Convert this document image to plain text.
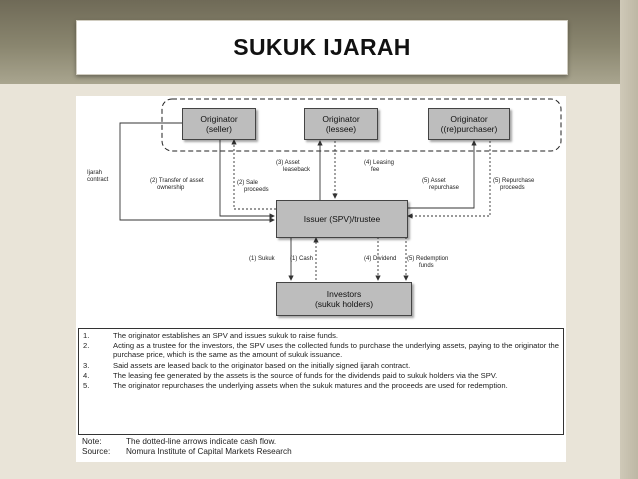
SUKUK IJARAH
Originator
(seller)
Originator
(lessee)
Originator
((re)purchaser)
Issuer (SPV)/trustee
Investors
(sukuk holders)
Ijarah
contract	(2) Transfer of asset
ownership
(2) Sale
proceeds
(3) Asset
leaseback
(4) Leasing
fee
(5) Asset
repurchase
(5) Repurchase
proceeds
(1) Sukuk	(1) Cash	(4) Dividend (5) Redemption
funds
1.	The originator establishes an SPV and issues sukuk to raise funds.
2.	Acting as a trustee for the investors, the SPV uses the collected funds to purchase the underlying assets, paying to the originator the purchase price, which is the same as the amount of sukuk issuance.
3.	Said assets are leased back to the originator based on the initially signed ijarah contract.
4.	The leasing fee generated by the assets is the source of funds for the dividends paid to sukuk holders via the SPV.
5.	The originator repurchases the underlying assets when the sukuk matures and the proceeds are used for redemption.
Note:	The dotted-line arrows indicate cash flow.
Source:	Nomura Institute of Capital Markets Research
